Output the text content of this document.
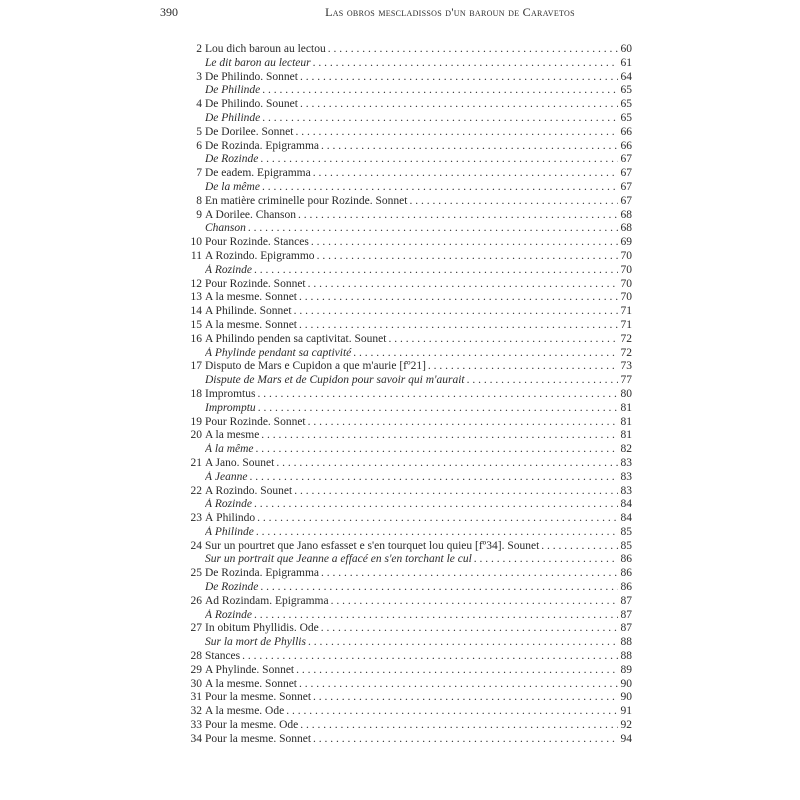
390	Las obros mescladissos d'un baroun de Caravetos
2 Lou dich baroun au lectou . . .	60
Le dit baron au lecteur . . .	61
3 De Philindo. Sonnet . . .	64
De Philinde . . .	65
4 De Philindo. Sounet . . .	65
De Philinde . . .	65
5 De Dorilee. Sonnet . . .	66
6 De Rozinda. Epigramma . . .	66
De Rozinde . . .	67
7 De eadem. Epigramma . . .	67
De la même . . .	67
8 En matière criminelle pour Rozinde. Sonnet . . .	67
9 A Dorilee. Chanson . . .	68
Chanson . . .	68
10 Pour Rozinde. Stances . . .	69
11 A Rozindo. Epigrammo . . .	70
À Rozinde . . .	70
12 Pour Rozinde. Sonnet . . .	70
13 A la mesme. Sonnet . . .	70
14 A Philinde. Sonnet . . .	71
15 A la mesme. Sonnet . . .	71
16 A Philindo penden sa captivitat. Sounet . . .	72
À Phylinde pendant sa captivité . . .	72
17 Disputo de Mars e Cupidon a que m'aurie [fº21] . . .	73
Dispute de Mars et de Cupidon pour savoir qui m'aurait . . .	77
18 Impromtus . . .	80
Impromptu . . .	81
19 Pour Rozinde. Sonnet . . .	81
20 A la mesme . . .	81
À la même . . .	82
21 A Jano. Sounet . . .	83
À Jeanne . . .	83
22 A Rozindo. Sounet . . .	83
À Rozinde . . .	84
23 À Philindo . . .	84
À Philinde . . .	85
24 Sur un pourtret que Jano esfasset e s'en tourquet lou quieu [fº34]. Sounet . . .	85
Sur un portrait que Jeanne a effacé en s'en torchant le cul . . .	86
25 De Rozinda. Epigramma . . .	86
De Rozinde . . .	86
26 Ad Rozindam. Epigramma . . .	87
À Rozinde . . .	87
27 In obitum Phyllidis. Ode . . .	87
Sur la mort de Phyllis . . .	88
28 Stances . . .	88
29 A Phylinde. Sonnet . . .	89
30 A la mesme. Sonnet . . .	90
31 Pour la mesme. Sonnet . . .	90
32 A la mesme. Ode . . .	91
33 Pour la mesme. Ode . . .	92
34 Pour la mesme. Sonnet . . .	94
